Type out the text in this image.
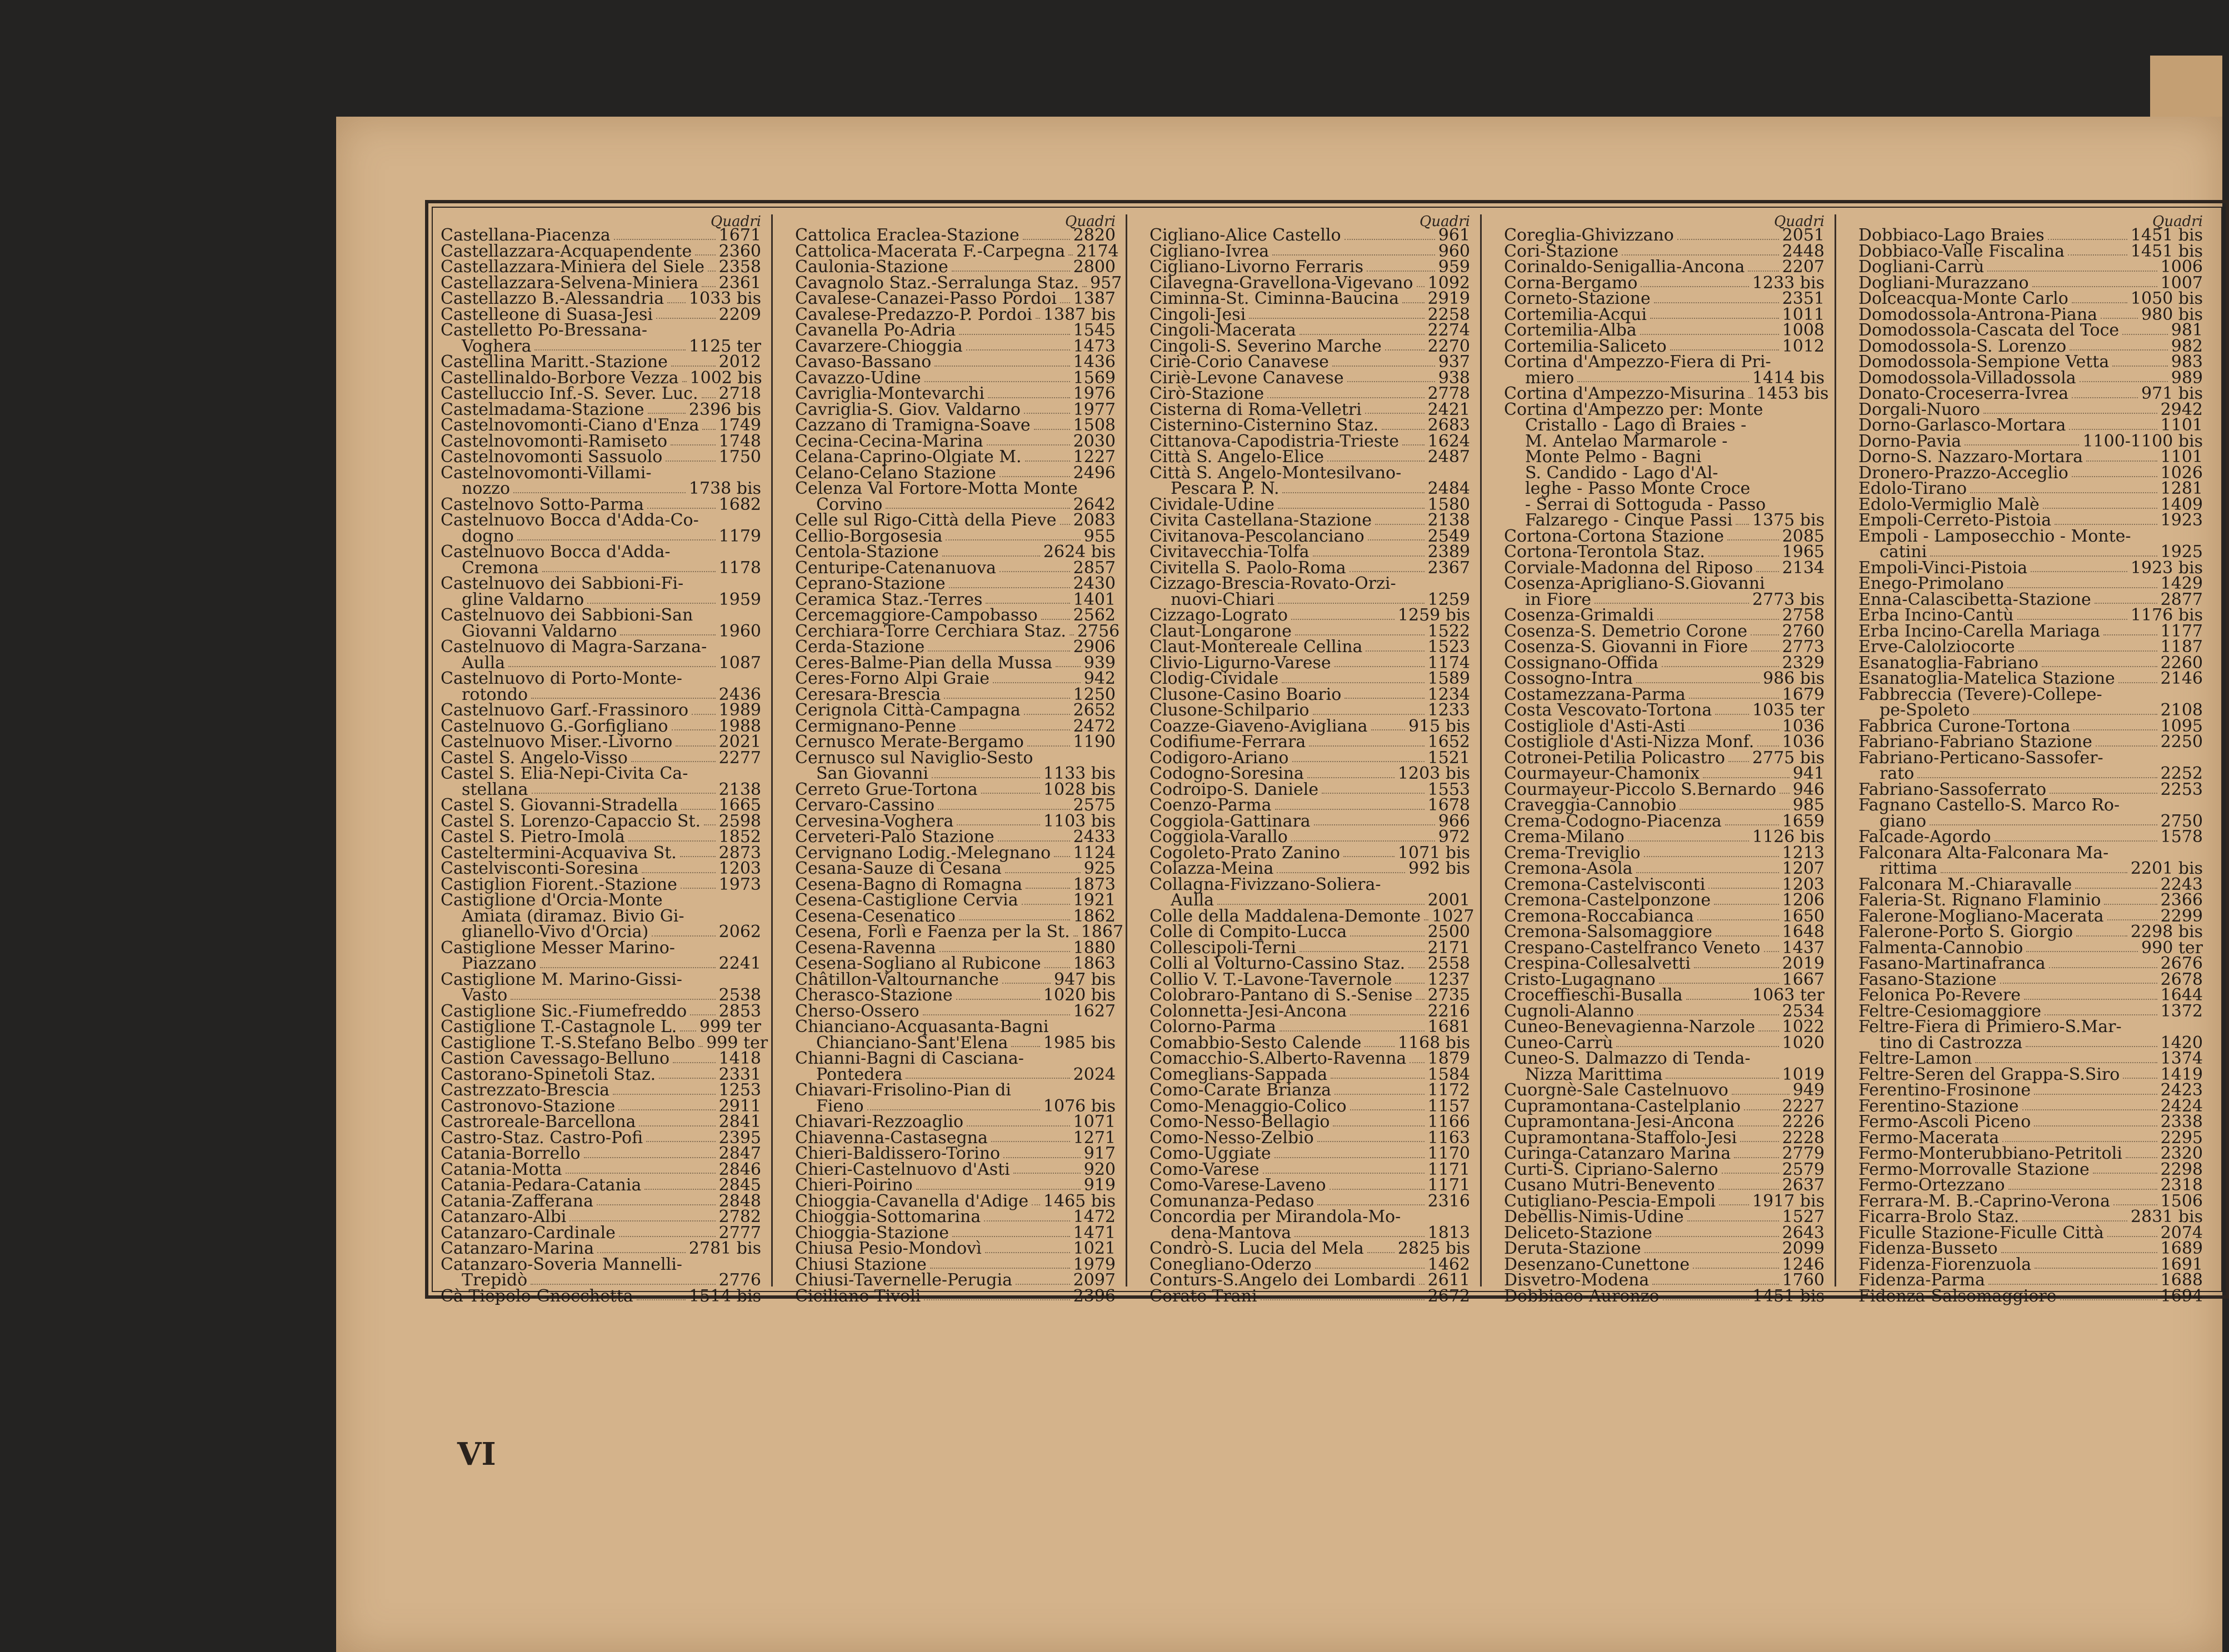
Quadri
Castellana-Piacenza	1671
Castellazzara-Acquapendente 2360
Castellazzara-Miniera del Siele 2358
Castellazzara-Selvena-Miniera 2361
Castellazzo B.-Alessandria 1033 bis
Castelleone di Suasa-Jesi	2209
Castelletto Po-Bressana-
Voghera	1125 ter
Castellina Maritt.-Stazione	2012
Castellinaldo-Borbore Vezza 1002 bis
Castelluccio Inf.-S. Sever. Luc. 2718
Castelmadama-Stazione	2396 bis
Castelnovomonti-Ciano d'Enza 1749
Castelnovomonti-Ramiseto	1748
Castelnovomonti Sassuolo	1750
Castelnovomonti-Villami-
nozzo	1738 bis
Castelnovo Sotto-Parma	1682
Castelnuovo Bocca d'Adda-Co-
dogno	1179
Castelnuovo Bocca d'Adda-
Cremona	1178
Castelnuovo dei Sabbioni-Fi-
gline Valdarno	1959
Castelnuovo dei Sabbioni-San
Giovanni Valdarno	1960
Castelnuovo di Magra-Sarzana-
Aulla	1087
Castelnuovo di Porto-Monte-
rotondo	2436
Castelnuovo Garf.-Frassinoro 1989
Castelnuovo G.-Gorfigliano	1988
Castelnuovo Miser.-Livorno	2021
Castel S. Angelo-Visso	2277
Castel S. Elia-Nepi-Civita Ca-
stellana	2138
Castel S. Giovanni-Stradella 1665
Castel S. Lorenzo-Capaccio St. 2598
Castel S. Pietro-Imola	1852
Casteltermini-Acquaviva St.	2873
Castelvisconti-Soresina	1203
Castiglion Fiorent.-Stazione 1973
Castiglione d'Orcia-Monte
Amiata (diramaz. Bivio Gi-
glianello-Vivo d'Orcia)	2062
Castiglione Messer Marino-
Piazzano	2241
Castiglione M. Marino-Gissi-
Vasto	2538
Castiglione Sic.-Fiumefreddo 2853
Castiglione T.-Castagnole L. 999 ter
Castiglione T.-S.Stefano Belbo 999 ter
Castion Cavessago-Belluno	1418
Castorano-Spinetoli Staz.	2331
Castrezzato-Brescia	1253
Castronovo-Stazione	2911
Castroreale-Barcellona	2841
Castro-Staz. Castro-Pofi	2395
Catania-Borrello	2847
Catania-Motta	2846
Catania-Pedara-Catania	2845
Catania-Zafferana	2848
Catanzaro-Albi	2782
Catanzaro-Cardinale	2777
Catanzaro-Marina	2781 bis
Catanzaro-Soveria Mannelli-
Trepidò	2776
Cà Tiepolo-Gnocchetta	1514 bis
Quadri
Cattolica Eraclea-Stazione	2820
Cattolica-Macerata F.-Carpegna 2174
Caulonia-Stazione	2800
Cavagnolo Staz.-Serralunga Staz. 957
Cavalese-Canazei-Passo Pordoi 1387
Cavalese-Predazzo-P. Pordoi 1387 bis
Cavanella Po-Adria	1545
Cavarzere-Chioggia	1473
Cavaso-Bassano	1436
Cavazzo-Udine	1569
Cavriglia-Montevarchi	1976
Cavriglia-S. Giov. Valdarno	1977
Cazzano di Tramigna-Soave	1508
Cecina-Cecina-Marina	2030
Celana-Caprino-Olgiate M.	1227
Celano-Celano Stazione	2496
Celenza Val Fortore-Motta Monte
Corvino	2642
Celle sul Rigo-Città della Pieve 2083
Cellio-Borgosesia	955
Centola-Stazione	2624 bis
Centuripe-Catenanuova	2857
Ceprano-Stazione	2430
Ceramica Staz.-Terres	1401
Cercemaggiore-Campobasso 2562
Cerchiara-Torre Cerchiara Staz. 2756
Cerda-Stazione	2906
Ceres-Balme-Pian della Mussa 939
Ceres-Forno Alpi Graie	942
Ceresara-Brescia	1250
Cerignola Città-Campagna	2652
Cermignano-Penne	2472
Cernusco Merate-Bergamo	1190
Cernusco sul Naviglio-Sesto
San Giovanni	1133 bis
Cerreto Grue-Tortona	1028 bis
Cervaro-Cassino	2575
Cervesina-Voghera	1103 bis
Cerveteri-Palo Stazione	2433
Cervignano Lodig.-Melegnano 1124
Cesana-Sauze di Cesana	925
Cesena-Bagno di Romagna	1873
Cesena-Castiglione Cervia	1921
Cesena-Cesenatico	1862
Cesena, Forlì e Faenza per la St. 1867
Cesena-Ravenna	1880
Cesena-Sogliano al Rubicone 1863
Châtillon-Valtournanche	947 bis
Cherasco-Stazione	1020 bis
Cherso-Ossero	1627
Chianciano-Acquasanta-Bagni
Chianciano-Sant'Elena 1985 bis
Chianni-Bagni di Casciana-
Pontedera	2024
Chiavari-Frisolino-Pian di
Fieno	1076 bis
Chiavari-Rezzoaglio	1071
Chiavenna-Castasegna	1271
Chieri-Baldissero-Torino	917
Chieri-Castelnuovo d'Asti	920
Chieri-Poirino	919
Chioggia-Cavanella d'Adige 1465 bis
Chioggia-Sottomarina	1472
Chioggia-Stazione	1471
Chiusa Pesio-Mondovì	1021
Chiusi Stazione	1979
Chiusi-Tavernelle-Perugia	2097
Ciciliano-Tivoli	2396
Quadri
Cigliano-Alice Castello	961
Cigliano-Ivrea	960
Cigliano-Livorno Ferraris	959
Cilavegna-Gravellona-Vigevano 1092
Ciminna-St. Ciminna-Baucina 2919
Cingoli-Jesi	2258
Cingoli-Macerata	2274
Cingoli-S. Severino Marche	2270
Ciriè-Corio Canavese	937
Ciriè-Levone Canavese	938
Cirò-Stazione	2778
Cisterna di Roma-Velletri	2421
Cisternino-Cisternino Staz.	2683
Cittanova-Capodistria-Trieste 1624
Città S. Angelo-Elice	2487
Città S. Angelo-Montesilvano-
Pescara P. N.	2484
Cividale-Udine	1580
Civita Castellana-Stazione	2138
Civitanova-Pescolanciano	2549
Civitavecchia-Tolfa	2389
Civitella S. Paolo-Roma	2367
Cizzago-Brescia-Rovato-Orzi-
nuovi-Chiari	1259
Cizzago-Lograto	1259 bis
Claut-Longarone	1522
Claut-Montereale Cellina	1523
Clivio-Ligurno-Varese	1174
Clodig-Cividale	1589
Clusone-Casino Boario	1234
Clusone-Schilpario	1233
Coazze-Giaveno-Avigliana 915 bis
Codifiume-Ferrara	1652
Codigoro-Ariano	1521
Codogno-Soresina	1203 bis
Codroipo-S. Daniele	1553
Coenzo-Parma	1678
Coggiola-Gattinara	966
Coggiola-Varallo	972
Cogoleto-Prato Zanino	1071 bis
Colazza-Meina	992 bis
Collagna-Fivizzano-Soliera-
Aulla	2001
Colle della Maddalena-Demonte 1027
Colle di Compito-Lucca	2500
Collescipoli-Terni	2171
Colli al Volturno-Cassino Staz. 2558
Collio V. T.-Lavone-Tavernole 1237
Colobraro-Pantano di S.-Senise 2735
Colonnetta-Jesi-Ancona	2216
Colorno-Parma	1681
Comabbio-Sesto Calende 1168 bis
Comacchio-S.Alberto-Ravenna 1879
Comeglians-Sappada	1584
Como-Carate Brianza	1172
Como-Menaggio-Colico	1157
Como-Nesso-Bellagio	1166
Como-Nesso-Zelbio	1163
Como-Uggiate	1170
Como-Varese	1171
Como-Varese-Laveno	1171
Comunanza-Pedaso	2316
Concordia per Mirandola-Mo-
dena-Mantova	1813
Condrò-S. Lucia del Mela 2825 bis
Conegliano-Oderzo	1462
Conturs-S.Angelo dei Lombardi 2611
Corato-Trani	2672
Quadri
Coreglia-Ghivizzano	2051
Cori-Stazione	2448
Corinaldo-Senigallia-Ancona 2207
Corna-Bergamo	1233 bis
Corneto-Stazione	2351
Cortemilia-Acqui	1011
Cortemilia-Alba	1008
Cortemilia-Saliceto	1012
Cortina d'Ampezzo-Fiera di Pri-
miero	1414 bis
Cortina d'Ampezzo-Misurina 1453 bis
Cortina d'Ampezzo per: Monte
Cristallo - Lago di Braies -
M. Antelao Marmarole -
Monte Pelmo - Bagni
S. Candido - Lago d'Al-
leghe - Passo Monte Croce
- Serrai di Sottoguda - Passo
Falzarego - Cinque Passi 1375 bis
Cortona-Cortona Stazione	2085
Cortona-Terontola Staz.	1965
Corviale-Madonna del Riposo 2134
Cosenza-Aprigliano-S.Giovanni
in Fiore	2773 bis
Cosenza-Grimaldi	2758
Cosenza-S. Demetrio Corone 2760
Cosenza-S. Giovanni in Fiore 2773
Cossignano-Offida	2329
Cossogno-Intra	986 bis
Costamezzana-Parma	1679
Costa Vescovato-Tortona 1035 ter
Costigliole d'Asti-Asti	1036
Costigliole d'Asti-Nizza Monf. 1036
Cotronei-Petilia Policastro 2775 bis
Courmayeur-Chamonix	941
Courmayeur-Piccolo S.Bernardo 946
Craveggia-Cannobio	985
Crema-Codogno-Piacenza	1659
Crema-Milano	1126 bis
Crema-Treviglio	1213
Cremona-Asola	1207
Cremona-Castelvisconti	1203
Cremona-Castelponzone	1206
Cremona-Roccabianca	1650
Cremona-Salsomaggiore	1648
Crespano-Castelfranco Veneto 1437
Crespina-Collesalvetti	2019
Cristo-Lugagnano	1667
Croceffieschi-Busalla	1063 ter
Cugnoli-Alanno	2534
Cuneo-Benevagienna-Narzole 1022
Cuneo-Carrù	1020
Cuneo-S. Dalmazzo di Tenda-
Nizza Marittima	1019
Cuorgnè-Sale Castelnuovo	949
Cupramontana-Castelplanio 2227
Cupramontana-Jesi-Ancona	2226
Cupramontana-Staffolo-Jesi	2228
Curinga-Catanzaro Marina	2779
Curti-S. Cipriano-Salerno	2579
Cusano Mutri-Benevento	2637
Cutigliano-Pescia-Empoli 1917 bis
Debellis-Nimis-Udine	1527
Deliceto-Stazione	2643
Deruta-Stazione	2099
Desenzano-Cunettone	1246
Disvetro-Modena	1760
Dobbiaco-Auronzo	1451 bis
Quadri
Dobbiaco-Lago Braies	1451 bis
Dobbiaco-Valle Fiscalina	1451 bis
Dogliani-Carrù	1006
Dogliani-Murazzano	1007
Dolceacqua-Monte Carlo	1050 bis
Domodossola-Antrona-Piana	980 bis
Domodossola-Cascata del Toce	981
Domodossola-S. Lorenzo	982
Domodossola-Sempione Vetta	983
Domodossola-Villadossola	989
Donato-Croceserra-Ivrea	971 bis
Dorgali-Nuoro	2942
Dorno-Garlasco-Mortara	1101
Dorno-Pavia	1100-1100 bis
Dorno-S. Nazzaro-Mortara	1101
Dronero-Prazzo-Acceglio	1026
Edolo-Tirano	1281
Edolo-Vermiglio Malè	1409
Empoli-Cerreto-Pistoia	1923
Empoli - Lamposecchio - Monte-
catini	1925
Empoli-Vinci-Pistoia	1923 bis
Enego-Primolano	1429
Enna-Calascibetta-Stazione	2877
Erba Incino-Cantù	1176 bis
Erba Incino-Carella Mariaga	1177
Erve-Calolziocorte	1187
Esanatoglia-Fabriano	2260
Esanatoglia-Matelica Stazione	2146
Fabbreccia (Tevere)-Collepe-
pe-Spoleto	2108
Fabbrica Curone-Tortona	1095
Fabriano-Fabriano Stazione	2250
Fabriano-Perticano-Sassofer-
rato	2252
Fabriano-Sassoferrato	2253
Fagnano Castello-S. Marco Ro-
giano	2750
Falcade-Agordo	1578
Falconara Alta-Falconara Ma-
rittima	2201 bis
Falconara M.-Chiaravalle	2243
Faleria-St. Rignano Flaminio	2366
Falerone-Mogliano-Macerata	2299
Falerone-Porto S. Giorgio	2298 bis
Falmenta-Cannobio	990 ter
Fasano-Martinafranca	2676
Fasano-Stazione	2678
Felonica Po-Revere	1644
Feltre-Cesiomaggiore	1372
Feltre-Fiera di Primiero-S.Mar-
tino di Castrozza	1420
Feltre-Lamon	1374
Feltre-Seren del Grappa-S.Siro 1419
Ferentino-Frosinone	2423
Ferentino-Stazione	2424
Fermo-Ascoli Piceno	2338
Fermo-Macerata	2295
Fermo-Monterubbiano-Petritoli 2320
Fermo-Morrovalle Stazione	2298
Fermo-Ortezzano	2318
Ferrara-M. B.-Caprino-Verona	1506
Ficarra-Brolo Staz.	2831 bis
Ficulle Stazione-Ficulle Città	2074
Fidenza-Busseto	1689
Fidenza-Fiorenzuola	1691
Fidenza-Parma	1688
Fidenza-Salsomaggiore	1694
VI
